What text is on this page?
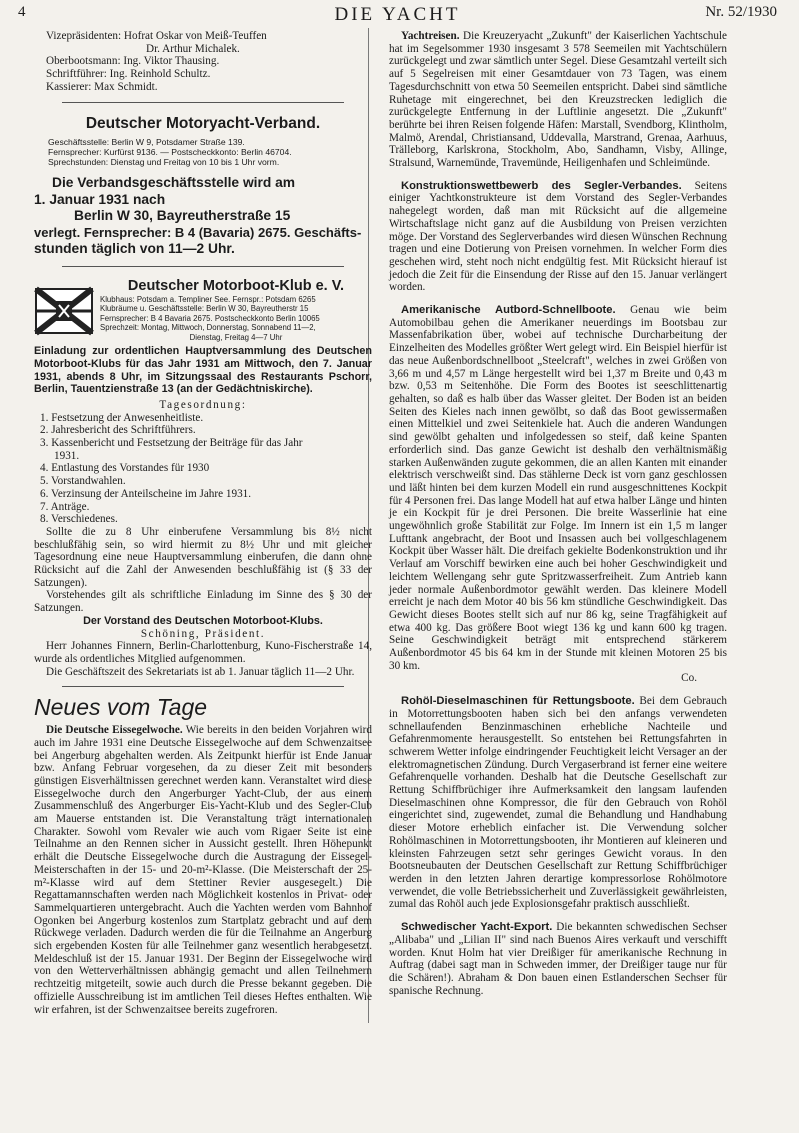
4	DIE YACHT	Nr. 52/1930
Vizepräsidenten: Hofrat Oskar von Meiß-Teuffen
Dr. Arthur Michalek.
Oberbootsmann: Ing. Viktor Thausing.
Schriftführer: Ing. Reinhold Schultz.
Kassierer: Max Schmidt.
Deutscher Motoryacht-Verband.
Geschäftsstelle: Berlin W 9, Potsdamer Straße 139.
Fernsprecher: Kurfürst 9136. — Postscheckkonto: Berlin 46704.
Sprechstunden: Dienstag und Freitag von 10 bis 1 Uhr vorm.
Die Verbandsgeschäftsstelle wird am
1. Januar 1931 nach
Berlin W 30, Bayreutherstraße 15
verlegt. Fernsprecher: B 4 (Bavaria) 2675. Geschäfts-
stunden täglich von 11—2 Uhr.
Deutscher Motorboot-Klub e. V.
Klubhaus: Potsdam a. Templiner See. Fernspr.: Potsdam 6265
Klubräume u. Geschäftsstelle: Berlin W 30, Bayreutherstr 15
Fernsprecher: B 4 Bavaria 2675. Postscheckkonto Berlin 10065
Sprechzeit: Montag, Mittwoch, Donnerstag, Sonnabend 11—2,
Dienstag, Freitag 4—7 Uhr

Einladung zur ordentlichen Hauptversammlung des Deutschen Motorboot-Klubs für das Jahr 1931 am Mittwoch, den 7. Januar 1931, abends 8 Uhr, im Sitzungssaal des Restaurants Pschorr, Berlin, Tauentzienstraße 13 (an der Gedächtniskirche).

Tagesordnung:
1. Festsetzung der Anwesenheitliste.
2. Jahresbericht des Schriftführers.
3. Kassenbericht und Festsetzung der Beiträge für das Jahr
1931.
4. Entlastung des Vorstandes für 1930
5. Vorstandwahlen.
6. Verzinsung der Anteilscheine im Jahre 1931.
7. Anträge.
8. Verschiedenes.

Sollte die zu 8 Uhr einberufene Versammlung bis 8½ nicht beschlußfähig sein, so wird hiermit zu 8½ Uhr und mit gleicher Tagesordnung eine neue Hauptversammlung einberufen, die dann ohne Rücksicht auf die Zahl der Anwesenden beschlußfähig ist (§ 33 der Satzungen).

Vorstehendes gilt als schriftliche Einladung im Sinne des § 30 der Satzungen.

Der Vorstand des Deutschen Motorboot-Klubs.
Schöning, Präsident.

Herr Johannes Finnern, Berlin-Charlottenburg, Kuno-Fischerstraße 14, wurde als ordentliches Mitglied aufgenommen.

Die Geschäftszeit des Sekretariats ist ab 1. Januar täglich 11—2 Uhr.

Neues vom Tage

Die Deutsche Eissegelwoche. Wie bereits in den beiden Vorjahren wird auch im Jahre 1931 eine Deutsche Eissegelwoche auf dem Schwenzaitsee bei Angerburg abgehalten werden. Als Zeitpunkt hierfür ist Ende Januar bzw. Anfang Februar vorgesehen, da zu dieser Zeit mit besonders günstigen Eisverhältnissen gerechnet werden kann. Veranstaltet wird diese Eissegelwoche durch den Angerburger Yacht-Club, der aus einem Zusammenschluß des Angerburger Eis-Yacht-Klub und des Segler-Club am Mauerse entstanden ist. Die Veranstaltung trägt internationalen Charakter. Sowohl vom Revaler wie auch vom Rigaer Seite ist eine Teilnahme an den Rennen sicher in Aussicht gestellt. Ihren Höhepunkt erhält die Deutsche Eissegelwoche durch die Austragung der Eissegel-Meisterschaften in der 15- und 20-m²-Klasse. (Die Meisterschaft der 25-m²-Klasse wird auf dem Stettiner Revier ausgesegelt.) Die Regattamannschaften werden nach Möglichkeit kostenlos in Privat- oder Sammelquartieren untergebracht. Auch die Yachten werden vom Bahnhof Ogonken bei Angerburg kostenlos zum Startplatz gebracht und auf dem Rückwege verladen. Dadurch werden die für die Teilnahme an Angerburg sich ergebenden Kosten für alle Teilnehmer ganz wesentlich herabgesetzt. Meldeschluß ist der 15. Januar 1931. Der Beginn der Eissegelwoche wird von den Wetterverhältnissen abhängig gemacht und allen Teilnehmern rechtzeitig mitgeteilt, sowie auch durch die Presse bekannt gegeben. Die offizielle Ausschreibung ist im amtlichen Teil dieses Heftes enthalten. Wie wir erfahren, ist der Schwenzaitsee bereits zugefroren.

Yachtreisen. Die Kreuzeryacht „Zukunft" der Kaiserlichen Yachtschule hat im Segelsommer 1930 insgesamt 3 578 Seemeilen mit Yachtschülern zurückgelegt und zwar sämtlich unter Segel. Diese Gesamtzahl verteilt sich auf 5 Segelreisen mit einer Gesamtdauer von 73 Tagen, was einem Tagesdurchschnitt von etwa 50 Seemeilen entspricht. Dabei sind sämtliche Ruhetage mit eingerechnet, bei den Kreuzstrecken lediglich die zurückgelegte Entfernung in der Luftlinie angesetzt. Die „Zukunft" berührte bei ihren Reisen folgende Häfen: Marstall, Svendborg, Klintholm, Malmö, Arendal, Christiansand, Uddevalla, Marstrand, Grenaa, Aarhuus, Trälleborg, Karlskrona, Stockholm, Abo, Sandhamn, Visby, Allinge, Stralsund, Warnemünde, Travemünde, Heiligenhafen und Schleimünde.

Konstruktionswettbewerb des Segler-Verbandes. Seitens einiger Yachtkonstrukteure ist dem Vorstand des Segler-Verbandes nahegelegt worden, daß man mit Rücksicht auf die allgemeine Wirtschaftslage nicht ganz auf die Ausbildung von Preisen verzichten möge. Der Vorstand des Seglerverbandes wird diesen Wünschen Rechnung tragen und eine Dotierung von Preisen vornehmen. In welcher Form dies geschehen wird, steht noch nicht endgültig fest. Mit Rücksicht hierauf ist jedoch die Zeit für die Einsendung der Risse auf den 15. Januar verlängert worden.

Amerikanische Autbord-Schnellboote. Genau wie beim Automobilbau gehen die Amerikaner neuerdings im Bootsbau zur Massenfabrikation über, wobei auf technische Durcharbeitung der Einzelheiten des Modelles größter Wert gelegt wird. Ein Beispiel hierfür ist das neue Außenbordschnellboot „Steelcraft", welches in zwei Größen von 3,66 m und 4,57 m Länge hergestellt wird bei 1,37 m Breite und 0,43 m bzw. 0,53 m Seitenhöhe. Die Form des Bootes ist seeschlittenartig gehalten, so daß es halb über das Wasser gleitet. Der Boden ist an beiden Seiten des Kieles nach innen gewölbt, so daß das Boot gewissermaßen einen Mittelkiel und zwei Seitenkiele hat. Auch die anderen Wandungen sind gewölbt gehalten und infolgedessen so steif, daß keine Spanten erforderlich sind. Das ganze Gewicht ist deshalb den verhältnismäßig starken Außenwänden zugute gekommen, die an allen Kanten mit einander elektrisch verschweißt sind. Das stählerne Deck ist vorn ganz geschlossen und läßt hinten bei dem kurzen Modell ein rund ausgeschnittenes Kockpit für 4 Personen frei. Das lange Modell hat auf etwa halber Länge und hinten je ein Kockpit für je drei Personen. Die breite Wasserlinie hat eine ungewöhnlich große Stabilität zur Folge. Im Innern ist ein 1,5 m langer Lufttank angebracht, der Boot und Insassen auch bei vollgeschlagenem Kockpit über Wasser hält. Die dreifach gekielte Bodenkonstruktion und ihr Verlauf am Vorschiff bewirken eine auch bei hoher Geschwindigkeit und leichtem Wellengang sehr gute Spritzwasserfreiheit. Zum Antrieb kann jeder normale Außenbordmotor gewählt werden. Das kleinere Modell erreicht je nach dem Motor 40 bis 56 km stündliche Geschwindigkeit. Das Gewicht dieses Bootes stellt sich auf nur 86 kg, seine Tragfähigkeit auf etwa 400 kg. Das größere Boot wiegt 136 kg und kann 600 kg tragen. Seine Geschwindigkeit beträgt mit entsprechend stärkerem Außenbordmotor 45 bis 64 km in der Stunde mit kleinen Motoren 25 bis 30 km.

Co.

Rohöl-Dieselmaschinen für Rettungsboote. Bei dem Gebrauch in Motorrettungsbooten haben sich bei den anfangs verwendeten schnellaufenden Benzinmaschinen erhebliche Nachteile und Gefahrenmomente herausgestellt. So entstehen bei Rettungsfahrten in schwerem Wetter infolge eindringender Feuchtigkeit leicht Versager an der elektromagnetischen Zündung. Durch Vergaserbrand ist ferner eine weitere Gefahrenquelle vorhanden. Deshalb hat die Deutsche Gesellschaft zur Rettung Schiffbrüchiger ihre Aufmerksamkeit den langsam laufenden Dieselmaschinen ohne Kompressor, die für den Gebrauch von Rohöl eingerichtet sind, zugewendet, zumal die Behandlung und Handhabung dieser Motore erheblich einfacher ist. Die Verwendung solcher Rohölmaschinen in Motorrettungsbooten, ihr Montieren auf kleineren und kleinsten Fahrzeugen setzt sehr geringes Gewicht voraus. In den Bootsneubauten der Deutschen Gesellschaft zur Rettung Schiffbrüchiger werden in den letzten Jahren derartige kompressorlose Rohölmotore verwendet, die volle Betriebssicherheit und Zuverlässigkeit gewährleisten, zumal das Rohöl auch jede Explosionsgefahr praktisch ausschließt.

Schwedischer Yacht-Export. Die bekannten schwedischen Sechser „Alibaba" und „Lilian II" sind nach Buenos Aires verkauft und verschifft worden. Knut Holm hat vier Dreißiger für amerikanische Rechnung in Auftrag (dabei sagt man in Schweden immer, der Dreißiger tauge nur für die Schären!). Abraham & Don bauen einen Estlanderschen Sechser für spanische Rechnung.
